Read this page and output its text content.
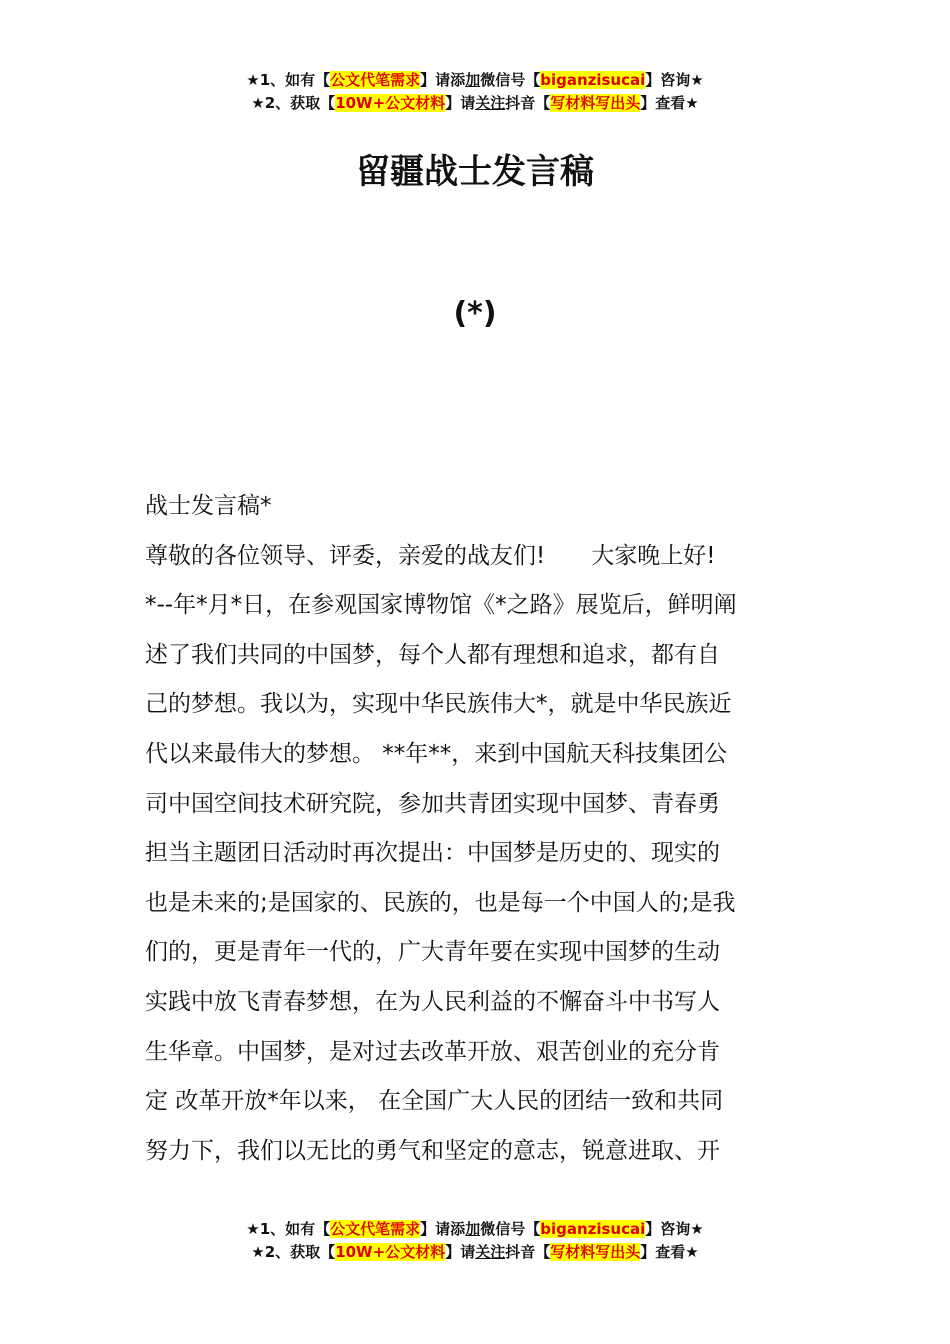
★1、如有【公文代笔需求】请添加微信号【biganzisucai】咨询★
★2、获取【10W+公文材料】请关注抖音【写材料写出头】查看★
留疆战士发言稿
(*)
战士发言稿*
尊敬的各位领导、评委，亲爱的战友们!　　大家晚上好!
*--年*月*日，在参观国家博物馆《*之路》展览后，鲜明阐
述了我们共同的中国梦，每个人都有理想和追求，都有自
己的梦想。我以为，实现中华民族伟大*，就是中华民族近
代以来最伟大的梦想。 **年**，来到中国航天科技集团公
司中国空间技术研究院，参加共青团实现中国梦、青春勇
担当主题团日活动时再次提出：中国梦是历史的、现实的
也是未来的;是国家的、民族的，也是每一个中国人的;是我
们的，更是青年一代的，广大青年要在实现中国梦的生动
实践中放飞青春梦想，在为人民利益的不懈奋斗中书写人
生华章。中国梦，是对过去改革开放、艰苦创业的充分肯
定 改革开放*年以来， 在全国广大人民的团结一致和共同
努力下，我们以无比的勇气和坚定的意志，锐意进取、开
★1、如有【公文代笔需求】请添加微信号【biganzisucai】咨询★
★2、获取【10W+公文材料】请关注抖音【写材料写出头】查看★
